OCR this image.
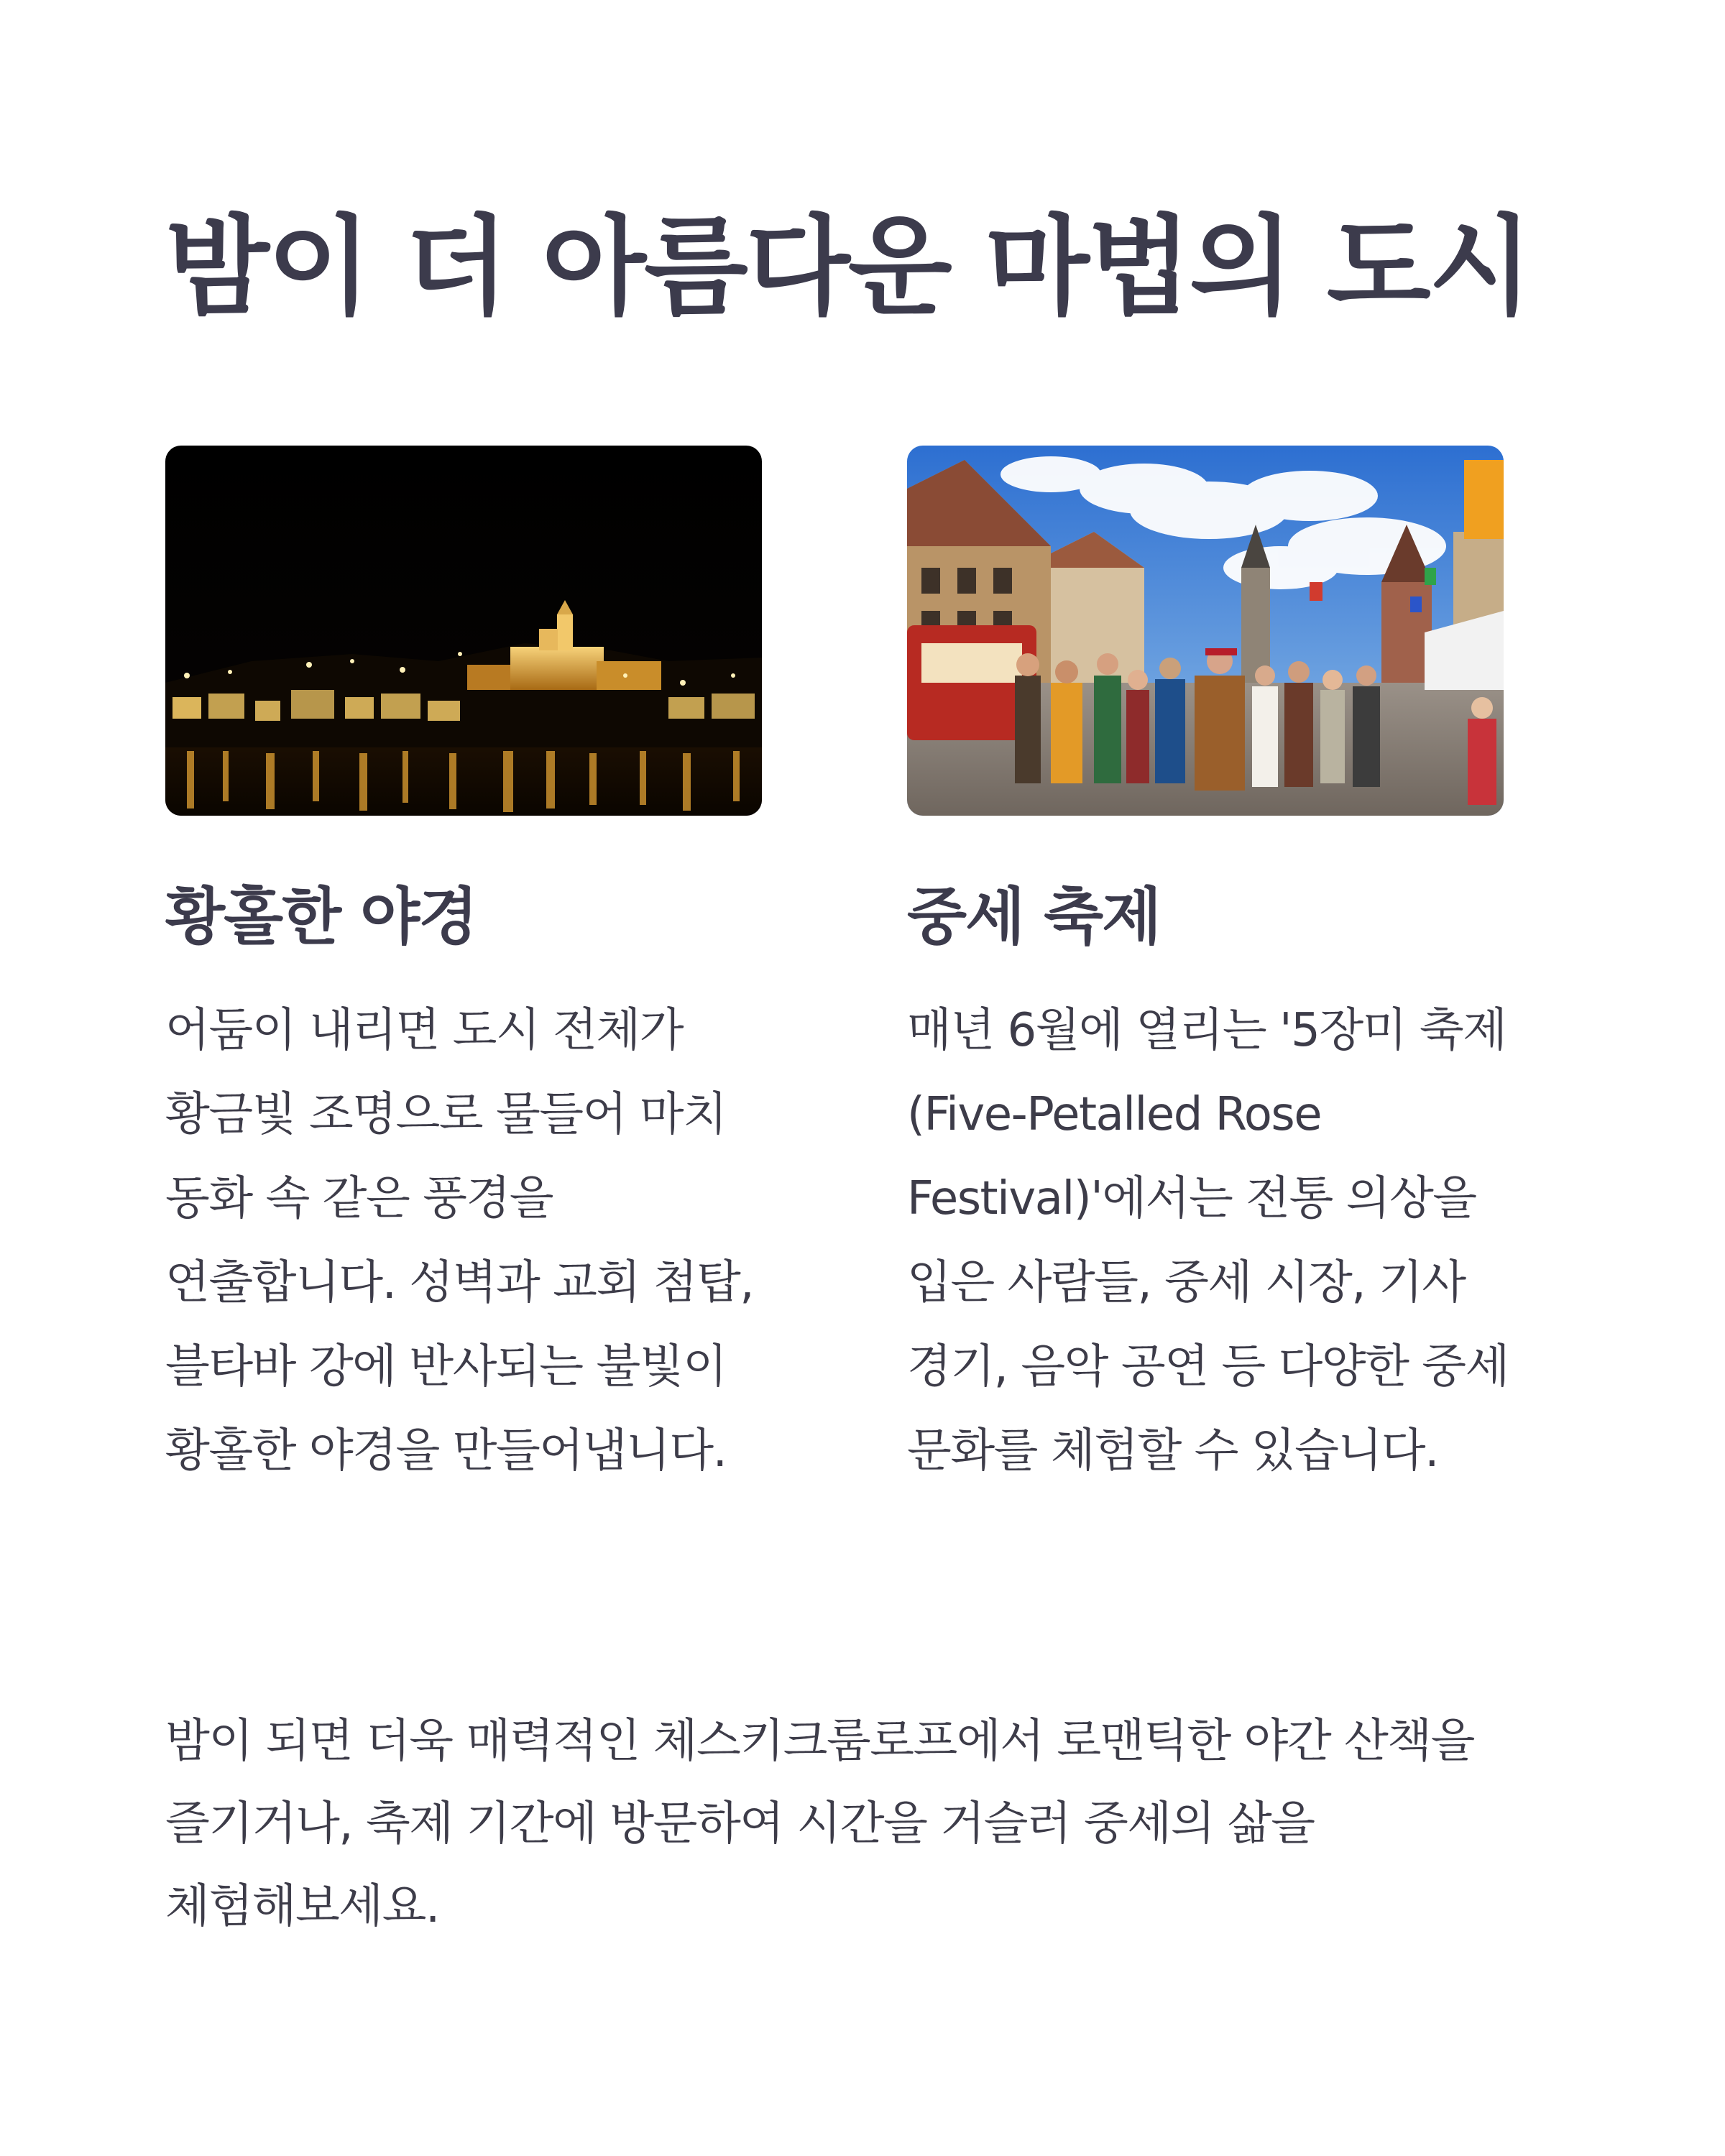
밤이 더 아름다운 마법의 도시
황홀한 야경

어둠이 내리면 도시 전체가 황금빛 조명으로 물들어 마치 동화 속 같은 풍경을 연출합니다. 성벽과 교회 첨탑, 블타바 강에 반사되는 불빛이 황홀한 야경을 만들어냅니다.

중세 축제

매년 6월에 열리는 '5장미 축제(Five-Petalled Rose Festival)'에서는 전통 의상을 입은 사람들, 중세 시장, 기사 경기, 음악 공연 등 다양한 중세 문화를 체험할 수 있습니다.

밤이 되면 더욱 매력적인 체스키크룸로프에서 로맨틱한 야간 산책을 즐기거나, 축제 기간에 방문하여 시간을 거슬러 중세의 삶을 체험해보세요.
